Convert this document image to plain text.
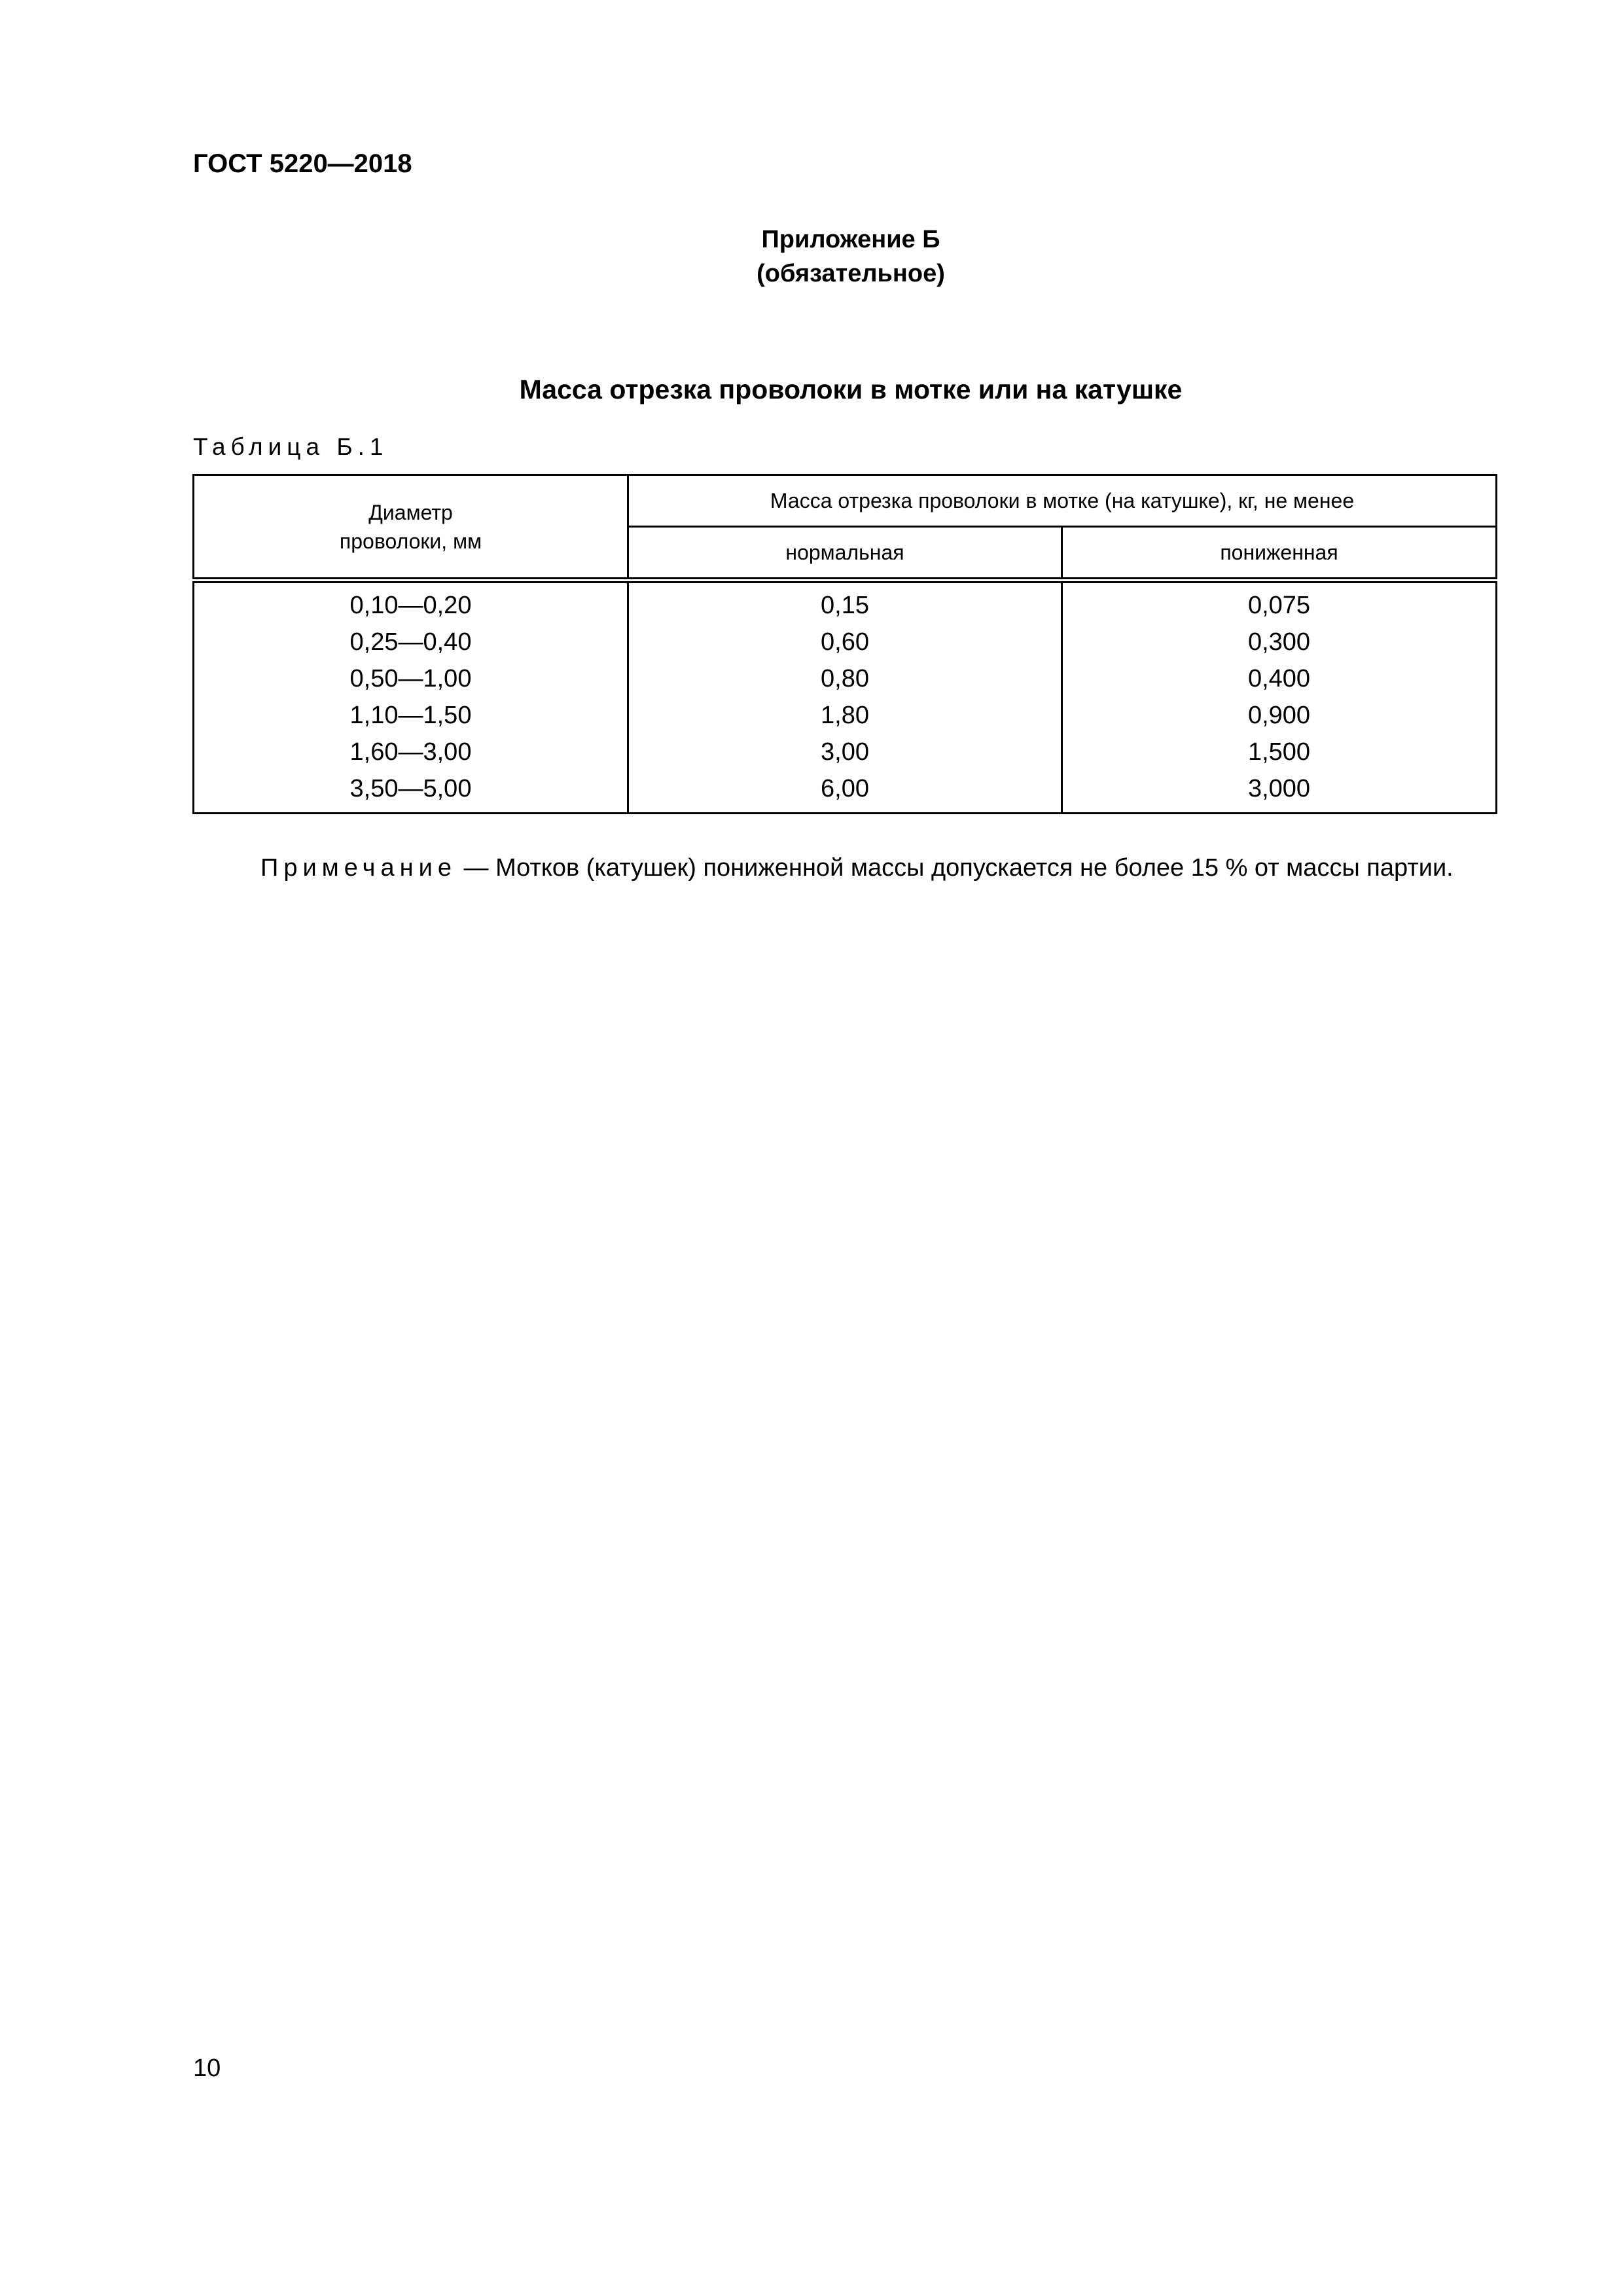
ГОСТ 5220—2018
Приложение Б
(обязательное)
Масса отрезка проволоки в мотке или на катушке
Таблица Б.1
Диаметр
проволоки, мм	Масса отрезка проволоки в мотке (на катушке), кг, не менее	
	нормальная	пониженная
0,10—0,20	0,15	0,075
0,25—0,40	0,60	0,300
0,50—1,00	0,80	0,400
1,10—1,50	1,80	0,900
1,60—3,00	3,00	1,500
3,50—5,00	6,00	3,000
Примечание — Мотков (катушек) пониженной массы допускается не более 15 % от массы партии.
10
